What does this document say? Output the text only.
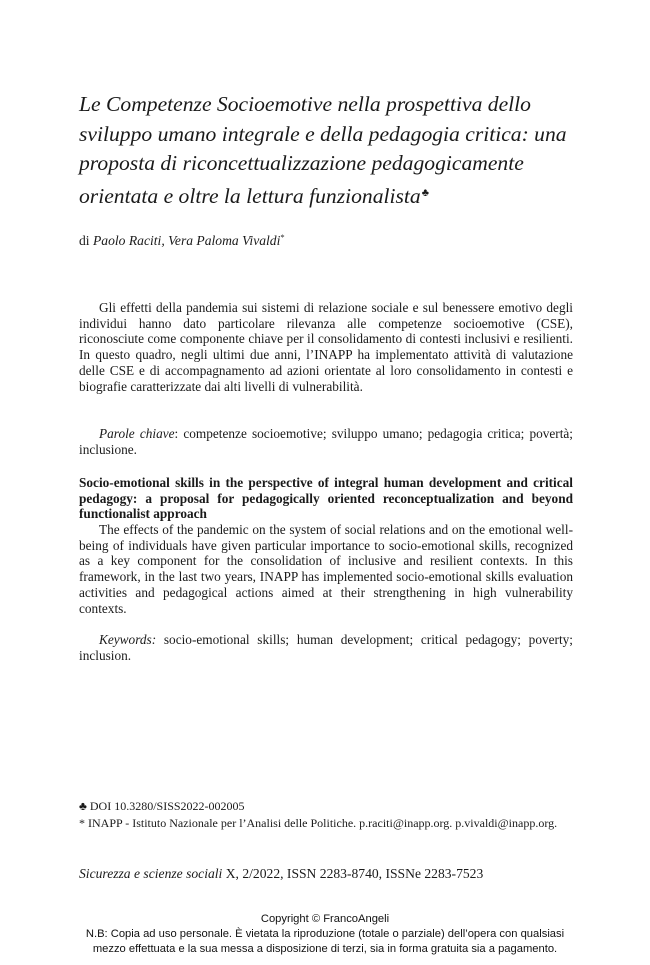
Le Competenze Socioemotive nella prospettiva dello sviluppo umano integrale e della pedagogia critica: una proposta di riconcettualizzazione pedagogicamente orientata e oltre la lettura funzionalista♣
di Paolo Raciti, Vera Paloma Vivaldi*

Gli effetti della pandemia sui sistemi di relazione sociale e sul benessere emotivo degli individui hanno dato particolare rilevanza alle competenze socioemotive (CSE), riconosciute come componente chiave per il consolidamento di contesti inclusivi e resilienti. In questo quadro, negli ultimi due anni, l’INAPP ha implementato attività di valutazione delle CSE e di accompagnamento ad azioni orientate al loro consolidamento in contesti e biografie caratterizzate dai alti livelli di vulnerabilità.

Parole chiave: competenze socioemotive; sviluppo umano; pedagogia critica; povertà; inclusione.

Socio-emotional skills in the perspective of integral human development and critical pedagogy: a proposal for pedagogically oriented reconceptualization and beyond functionalist approach

The effects of the pandemic on the system of social relations and on the emotional well-being of individuals have given particular importance to socio-emotional skills, recognized as a key component for the consolidation of inclusive and resilient contexts. In this framework, in the last two years, INAPP has implemented socio-emotional skills evaluation activities and pedagogical actions aimed at their strengthening in high vulnerability contexts.

Keywords: socio-emotional skills; human development; critical pedagogy; poverty; inclusion.

♣ DOI 10.3280/SISS2022-002005

* INAPP - Istituto Nazionale per l’Analisi delle Politiche. p.raciti@inapp.org. p.vivaldi@inapp.org.

Sicurezza e scienze sociali X, 2/2022, ISSN 2283-8740, ISSNe 2283-7523
Copyright © FrancoAngeli
N.B: Copia ad uso personale. È vietata la riproduzione (totale o parziale) dell’opera con qualsiasi
mezzo effettuata e la sua messa a disposizione di terzi, sia in forma gratuita sia a pagamento.
